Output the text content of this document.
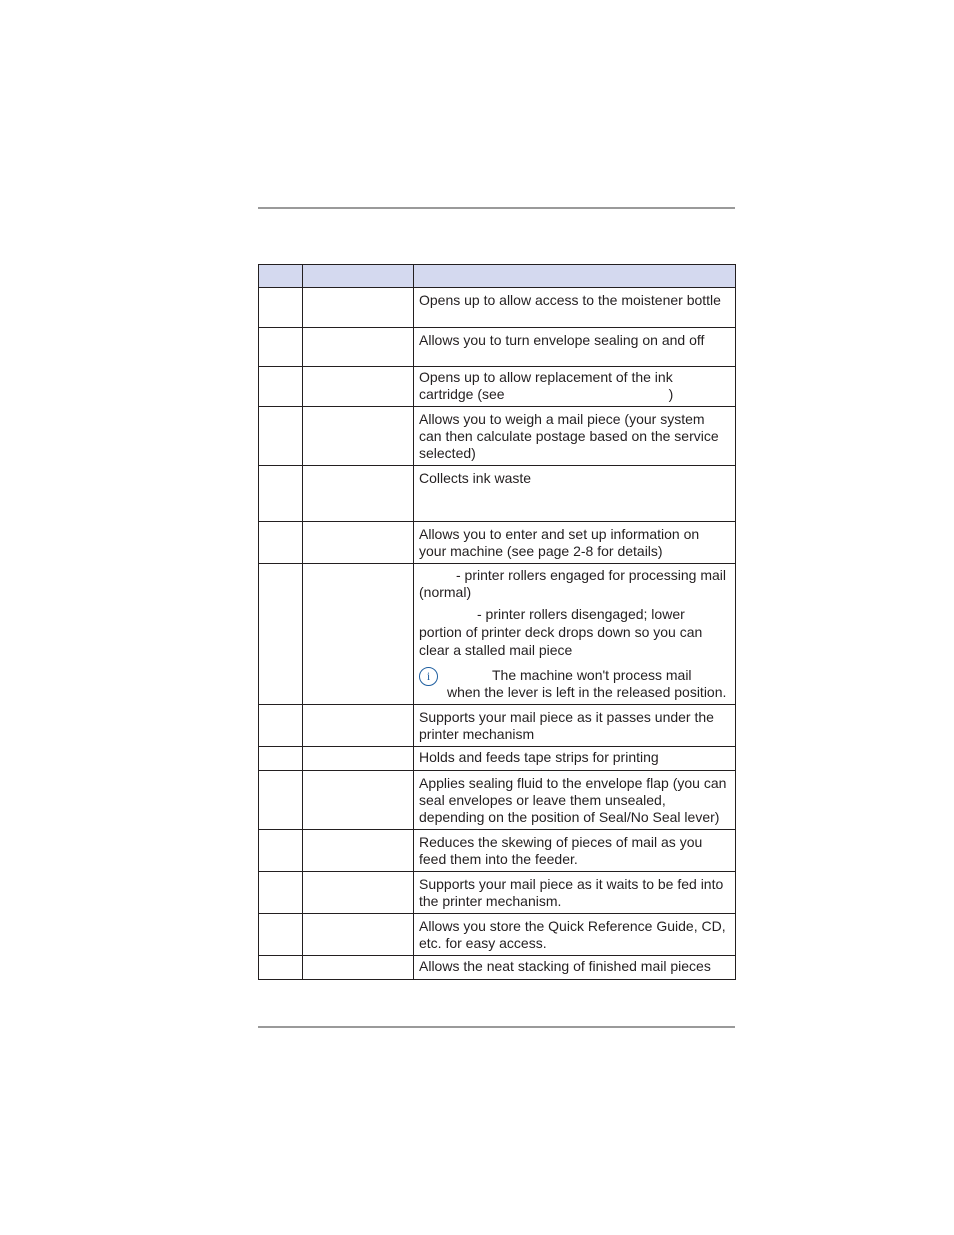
		Opens up to allow access to the moistener bottle

		Allows you to turn envelope sealing on and off

		Opens up to allow replacement of the ink cartridge (see )

		Allows you to weigh a mail piece (your system can then calculate postage based on the service selected)

		Collects ink waste

		Allows you to enter and set up information on your machine (see page 2-8 for details)

		- printer rollers engaged for processing mail (normal)

- printer rollers disengaged; lower portion of printer deck drops down so you can clear a stalled mail piece

i The machine won't process mail

when the lever is left in the released position.

		Supports your mail piece as it passes under the printer mechanism

		Holds and feeds tape strips for printing

		Applies sealing fluid to the envelope flap (you can seal envelopes or leave them unsealed, depending on the position of Seal/No Seal lever)

		Reduces the skewing of pieces of mail as you feed them into the feeder.

		Supports your mail piece as it waits to be fed into the printer mechanism.

		Allows you store the Quick Reference Guide, CD, etc. for easy access.

		Allows the neat stacking of finished mail pieces
